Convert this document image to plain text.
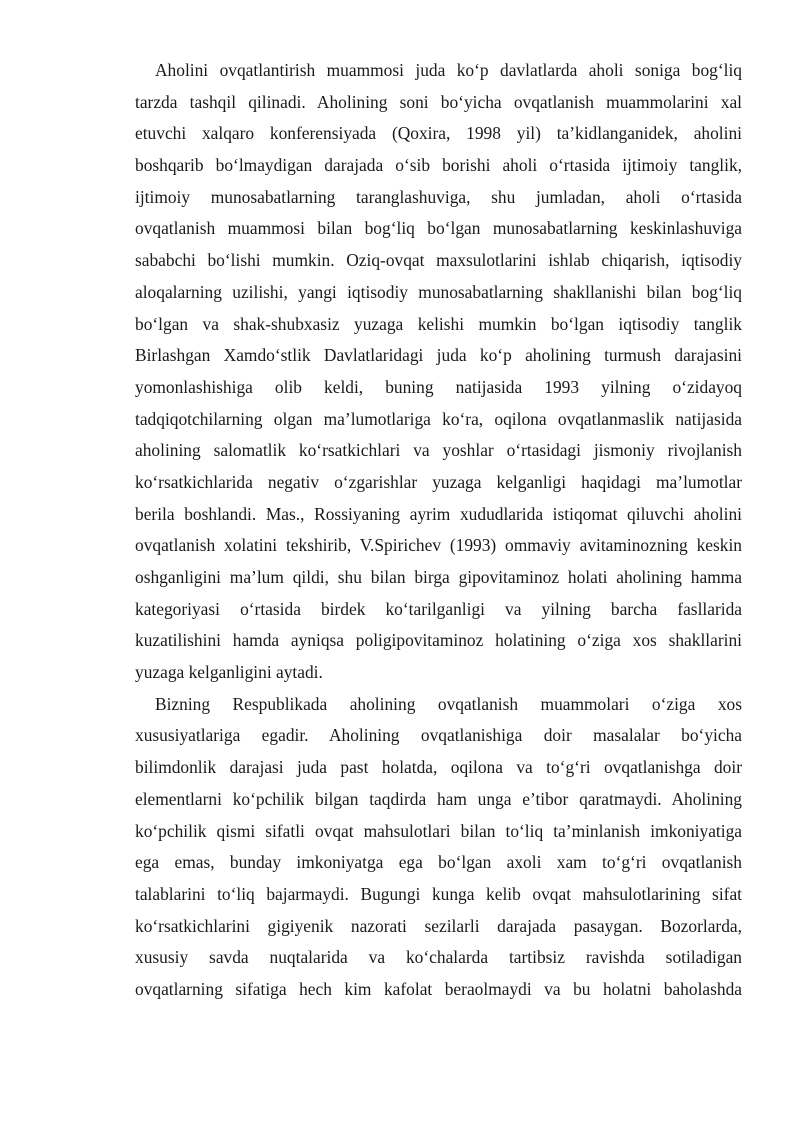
Aholini ovqatlantirish muammosi juda ko‘p davlatlarda aholi soniga bog‘liq
tarzda tashqil qilinadi. Aholining soni bo‘yicha ovqatlanish muammolarini xal
etuvchi xalqaro konferensiyada (Qoxira, 1998 yil) ta’kidlanganidek, aholini
boshqarib bo‘lmaydigan darajada o‘sib borishi aholi o‘rtasida ijtimoiy tanglik,
ijtimoiy munosabatlarning taranglashuviga, shu jumladan, aholi o‘rtasida
ovqatlanish muammosi bilan bog‘liq bo‘lgan munosabatlarning keskinlashuviga
sababchi bo‘lishi mumkin. Oziq-ovqat maxsulotlarini ishlab chiqarish, iqtisodiy
aloqalarning uzilishi, yangi iqtisodiy munosabatlarning shakllanishi bilan bog‘liq
bo‘lgan va shak-shubxasiz yuzaga kelishi mumkin bo‘lgan iqtisodiy tanglik
Birlashgan Xamdo‘stlik Davlatlaridagi juda ko‘p aholining turmush darajasini
yomonlashishiga olib keldi, buning natijasida 1993 yilning o‘zidayoq
tadqiqotchilarning olgan ma’lumotlariga ko‘ra, oqilona ovqatlanmaslik natijasida
aholining salomatlik ko‘rsatkichlari va yoshlar o‘rtasidagi jismoniy rivojlanish
ko‘rsatkichlarida negativ o‘zgarishlar yuzaga kelganligi haqidagi ma’lumotlar
berila boshlandi. Mas., Rossiyaning ayrim xududlarida istiqomat qiluvchi aholini
ovqatlanish xolatini tekshirib, V.Spirichev (1993) ommaviy avitaminozning keskin
oshganligini ma’lum qildi, shu bilan birga gipovitaminoz holati aholining hamma
kategoriyasi o‘rtasida birdek ko‘tarilganligi va yilning barcha fasllarida
kuzatilishini hamda ayniqsa poligipovitaminoz holatining o‘ziga xos shakllarini
yuzaga kelganligini aytadi.
Bizning Respublikada aholining ovqatlanish muammolari o‘ziga xos
xususiyatlariga egadir. Aholining ovqatlanishiga doir masalalar bo‘yicha
bilimdonlik darajasi juda past holatda, oqilona va to‘g‘ri ovqatlanishga doir
elementlarni ko‘pchilik bilgan taqdirda ham unga e’tibor qaratmaydi. Aholining
ko‘pchilik qismi sifatli ovqat mahsulotlari bilan to‘liq ta’minlanish imkoniyatiga
ega emas, bunday imkoniyatga ega bo‘lgan axoli xam to‘g‘ri ovqatlanish
talablarini to‘liq bajarmaydi. Bugungi kunga kelib ovqat mahsulotlarining sifat
ko‘rsatkichlarini gigiyenik nazorati sezilarli darajada pasaygan. Bozorlarda,
xususiy savda nuqtalarida va ko‘chalarda tartibsiz ravishda sotiladigan
ovqatlarning sifatiga hech kim kafolat beraolmaydi va bu holatni baholashda
